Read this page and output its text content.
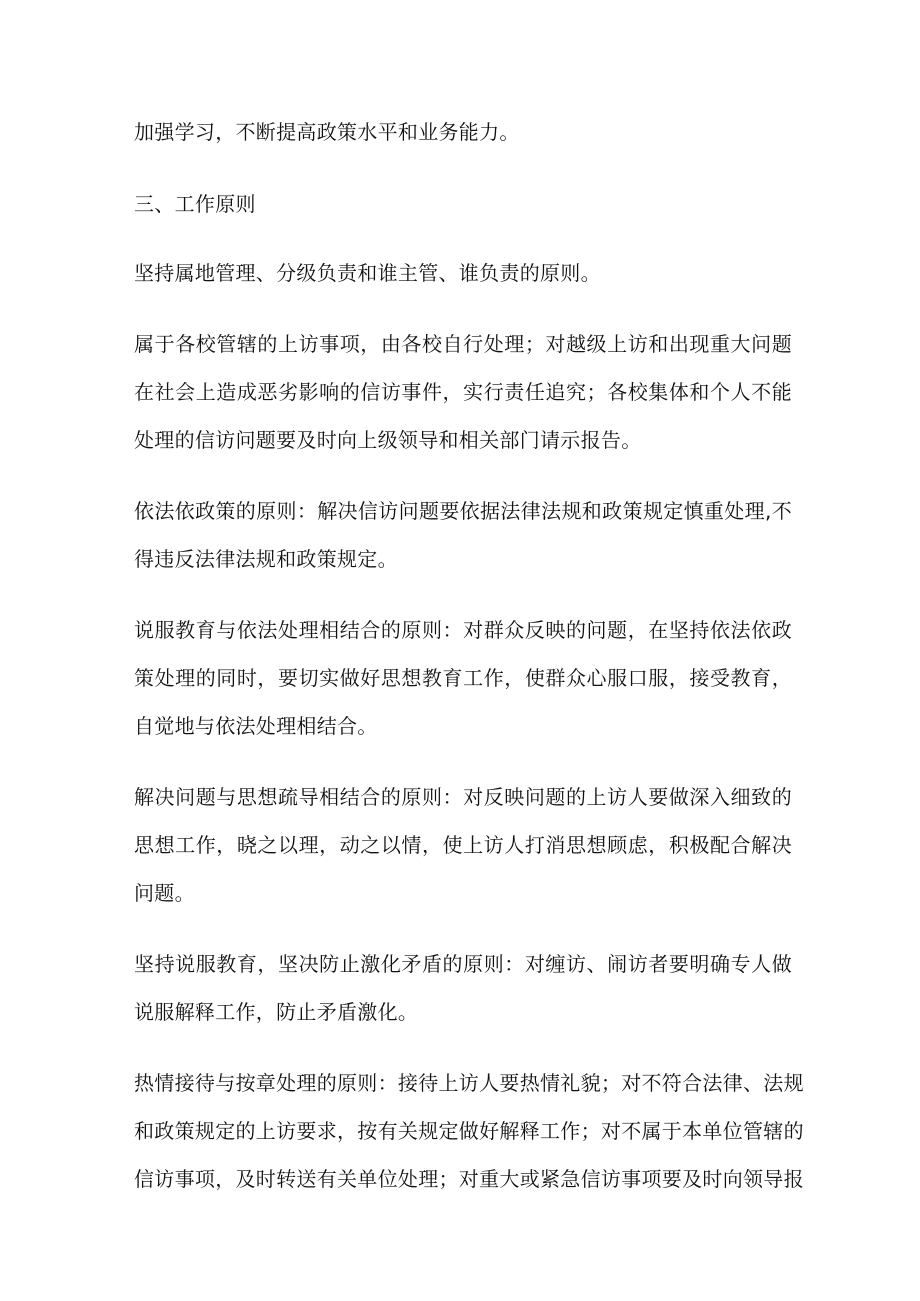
加强学习，不断提高政策水平和业务能力。
三、工作原则
坚持属地管理、分级负责和谁主管、谁负责的原则。
属于各校管辖的上访事项，由各校自行处理；对越级上访和出现重大问题
在社会上造成恶劣影响的信访事件，实行责任追究；各校集体和个人不能
处理的信访问题要及时向上级领导和相关部门请示报告。
依法依政策的原则：解决信访问题要依据法律法规和政策规定慎重处理,不
得违反法律法规和政策规定。
说服教育与依法处理相结合的原则：对群众反映的问题，在坚持依法依政
策处理的同时，要切实做好思想教育工作，使群众心服口服，接受教育，
自觉地与依法处理相结合。
解决问题与思想疏导相结合的原则：对反映问题的上访人要做深入细致的
思想工作，晓之以理，动之以情，使上访人打消思想顾虑，积极配合解决
问题。
坚持说服教育，坚决防止激化矛盾的原则：对缠访、闹访者要明确专人做
说服解释工作，防止矛盾激化。
热情接待与按章处理的原则：接待上访人要热情礼貌；对不符合法律、法规
和政策规定的上访要求，按有关规定做好解释工作；对不属于本单位管辖的
信访事项，及时转送有关单位处理；对重大或紧急信访事项要及时向领导报
